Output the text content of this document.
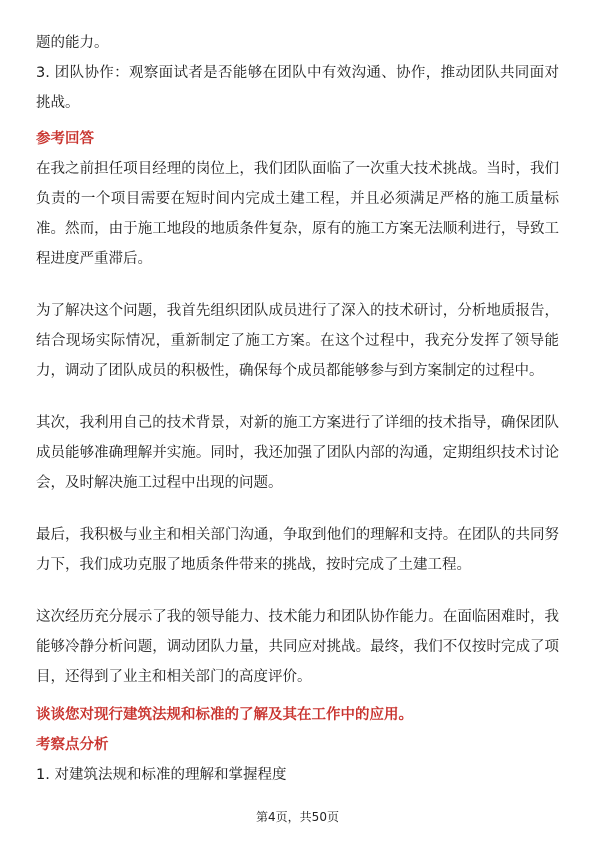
题的能力。

3. 团队协作：观察面试者是否能够在团队中有效沟通、协作，推动团队共同面对挑战。

参考回答

在我之前担任项目经理的岗位上，我们团队面临了一次重大技术挑战。当时，我们负责的一个项目需要在短时间内完成土建工程，并且必须满足严格的施工质量标准。然而，由于施工地段的地质条件复杂，原有的施工方案无法顺利进行，导致工程进度严重滞后。

为了解决这个问题，我首先组织团队成员进行了深入的技术研讨，分析地质报告，结合现场实际情况，重新制定了施工方案。在这个过程中，我充分发挥了领导能力，调动了团队成员的积极性，确保每个成员都能够参与到方案制定的过程中。

其次，我利用自己的技术背景，对新的施工方案进行了详细的技术指导，确保团队成员能够准确理解并实施。同时，我还加强了团队内部的沟通，定期组织技术讨论会，及时解决施工过程中出现的问题。

最后，我积极与业主和相关部门沟通，争取到他们的理解和支持。在团队的共同努力下，我们成功克服了地质条件带来的挑战，按时完成了土建工程。

这次经历充分展示了我的领导能力、技术能力和团队协作能力。在面临困难时，我能够冷静分析问题，调动团队力量，共同应对挑战。最终，我们不仅按时完成了项目，还得到了业主和相关部门的高度评价。

谈谈您对现行建筑法规和标准的了解及其在工作中的应用。

考察点分析

1. 对建筑法规和标准的理解和掌握程度

第4页，共50页
